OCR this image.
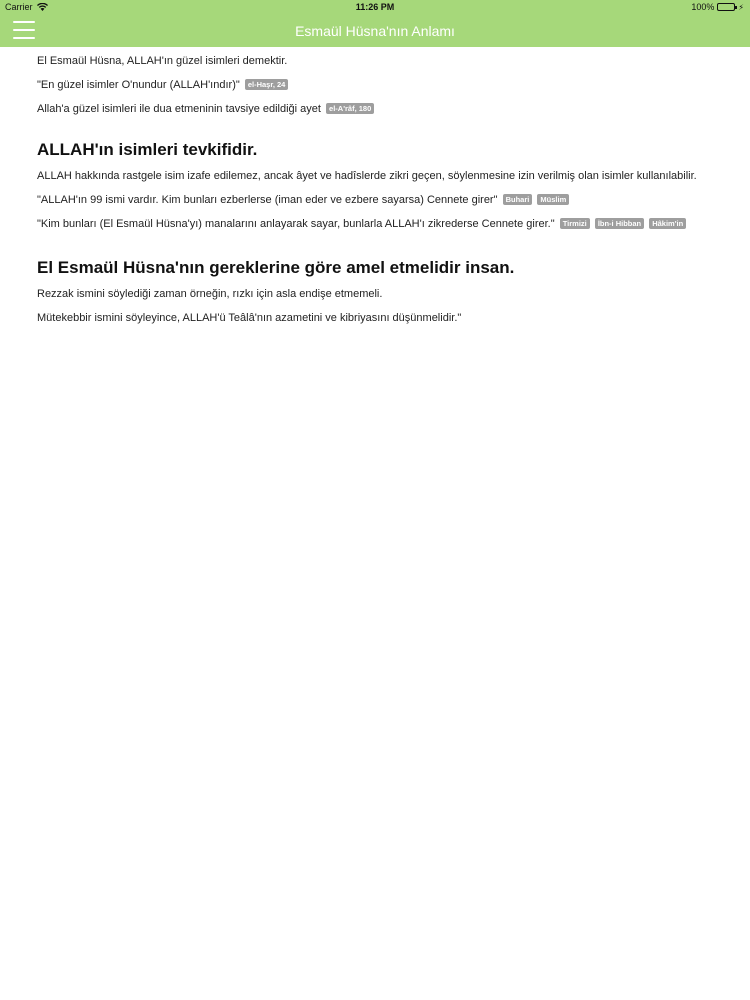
Carrier	11:26 PM	100%	⚡
Esmaül Hüsna'nın Anlamı

El Esmaül Hüsna, ALLAH'ın güzel isimleri demektir.

"En güzel isimler O'nundur (ALLAH'ındır)" el-Haşr, 24

Allah'a güzel isimleri ile dua etmeninin tavsiye edildiği ayet el-A'râf, 180

ALLAH'ın isimleri tevkifidir.

ALLAH hakkında rastgele isim izafe edilemez, ancak âyet ve hadîslerde zikri geçen, söylenmesine izin verilmiş olan isimler kullanılabilir.

"ALLAH'ın 99 ismi vardır. Kim bunları ezberlerse (iman eder ve ezbere sayarsa) Cennete girer" Buhari Müslim

"Kim bunları (El Esmaül Hüsna'yı) manalarını anlayarak sayar, bunlarla ALLAH'ı zikrederse Cennete girer." Tirmizi İbn-i Hibban Hâkim'in

El Esmaül Hüsna'nın gereklerine göre amel etmelidir insan.

Rezzak ismini söylediği zaman örneğin, rızkı için asla endişe etmemeli.

Mütekebbir ismini söyleyince, ALLAH'ü Teâlâ'nın azametini ve kibriyasını düşünmelidir."
